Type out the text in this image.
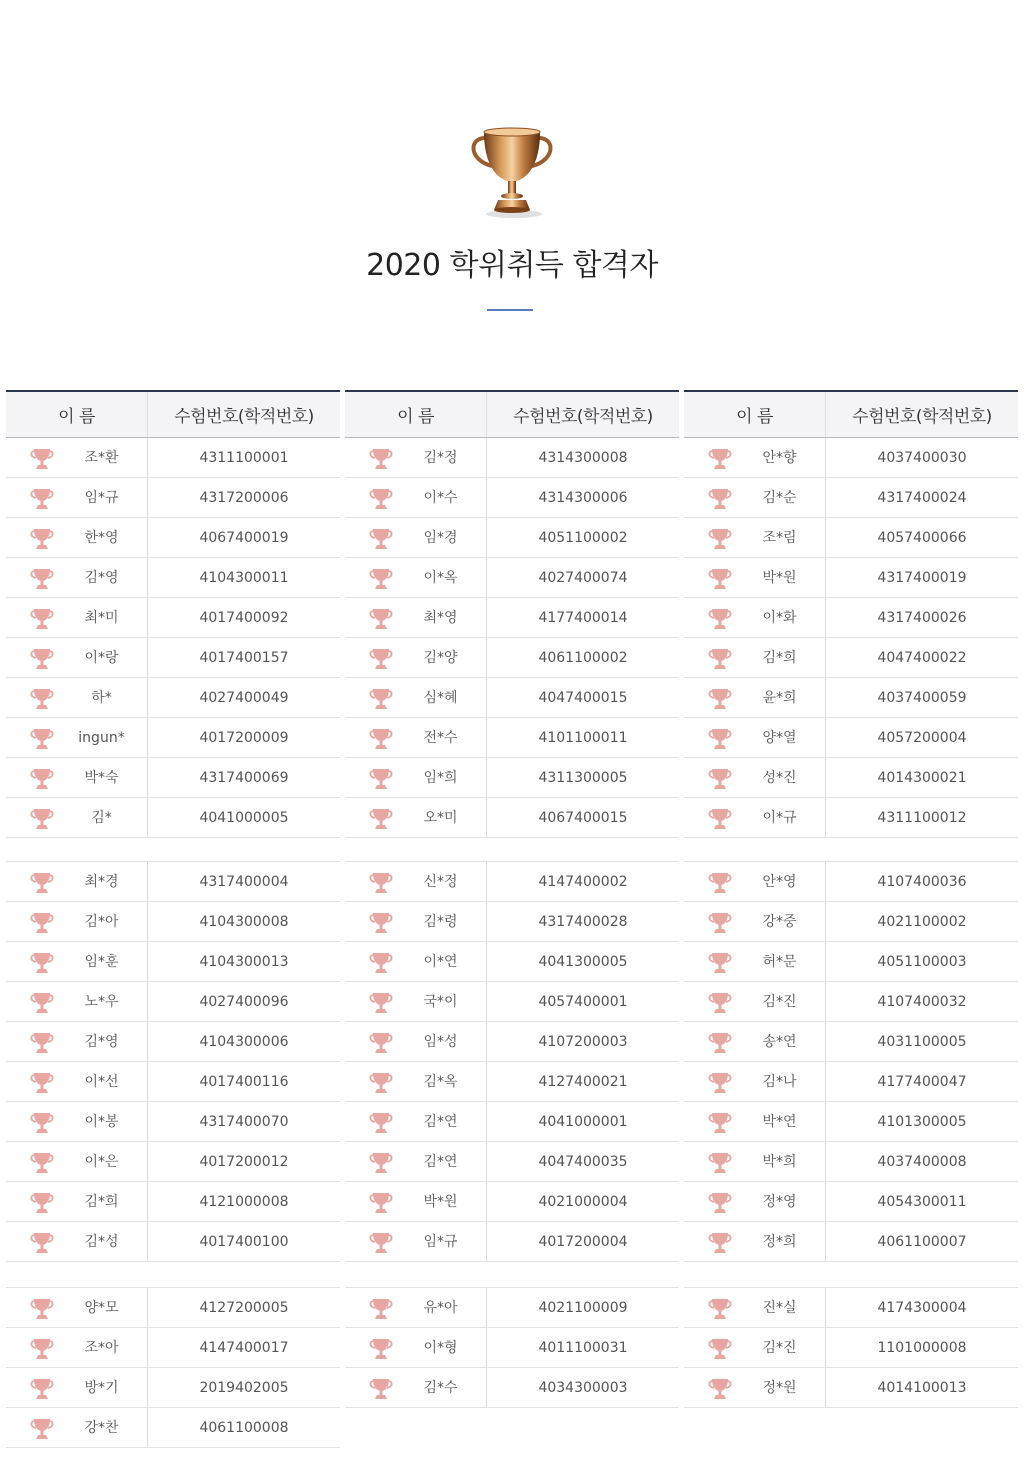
2020 학위취득 합격자
이 름	수험번호(학적번호)
조*환	4311100001
임*규	4317200006
한*영	4067400019
김*영	4104300011
최*미	4017400092
이*랑	4017400157
하*	4027400049
ingun*	4017200009
박*숙	4317400069
김*	4041000005
최*경	4317400004
김*아	4104300008
임*훈	4104300013
노*우	4027400096
김*영	4104300006
이*선	4017400116
이*봉	4317400070
이*은	4017200012
김*희	4121000008
김*성	4017400100
양*모	4127200005
조*아	4147400017
방*기	2019402005
강*찬	4061100008
이 름	수험번호(학적번호)
김*정	4314300008
이*수	4314300006
임*경	4051100002
이*옥	4027400074
최*영	4177400014
김*양	4061100002
심*혜	4047400015
전*수	4101100011
임*희	4311300005
오*미	4067400015
신*정	4147400002
김*령	4317400028
이*연	4041300005
국*이	4057400001
임*성	4107200003
김*옥	4127400021
김*연	4041000001
김*연	4047400035
박*원	4021000004
임*규	4017200004
유*아	4021100009
이*형	4011100031
김*수	4034300003
이 름	수험번호(학적번호)
안*향	4037400030
김*순	4317400024
조*림	4057400066
박*원	4317400019
이*화	4317400026
김*희	4047400022
윤*희	4037400059
양*열	4057200004
성*진	4014300021
이*규	4311100012
안*영	4107400036
강*중	4021100002
허*문	4051100003
김*진	4107400032
송*연	4031100005
김*나	4177400047
박*연	4101300005
박*희	4037400008
정*영	4054300011
정*희	4061100007
진*실	4174300004
김*진	1101000008
정*원	4014100013
